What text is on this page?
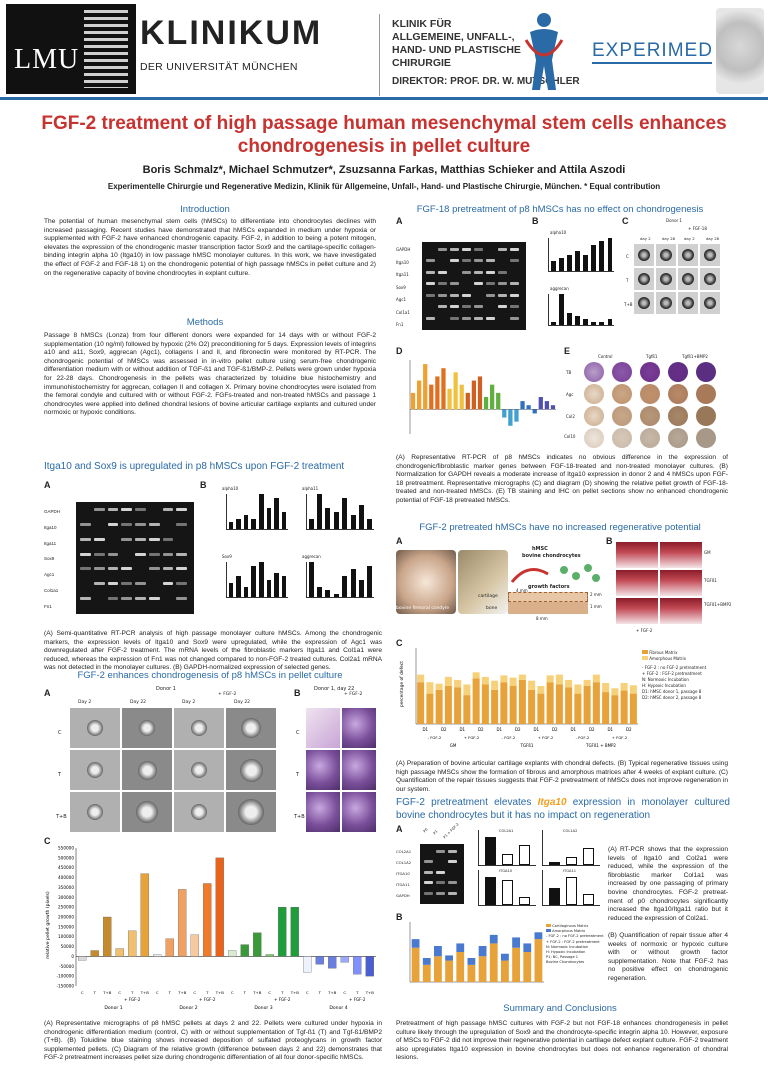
LMU
KLINIKUM
DER UNIVERSITÄT MÜNCHEN
KLINIK FÜR ALLGEMEINE, UNFALL-, HAND- UND PLASTISCHE CHIRURGIE
DIREKTOR: PROF. DR. W. MUTSCHLER
EXPERIMED
FGF-2 treatment of high passage human mesenchymal stem cells enhances chondrogenesis in pellet culture
Boris Schmalz*, Michael Schmutzer*, Zsuzsanna Farkas, Matthias Schieker and Attila Aszodi
Experimentelle Chirurgie und Regenerative Medizin, Klinik für Allgemeine, Unfall-, Hand- und Plastische Chirurgie, München. * Equal contribution
Introduction
The potential of human mesenchymal stem cells (hMSCs) to differentiate into chondrocytes declines with increased passaging. Recent studies have demonstrated that hMSCs expanded in medium under hypoxia or supplemented with FGF-2 have enhanced chondrogenic capacity. FGF-2, in addition to being a potent mitogen, elevates the expression of the chondrogenic master transcription factor Sox9 and the cartilage-specific collagen-binding integrin alpha 10 (Itga10) in low passage hMSC monolayer cultures. In this work, we have investigated the effect of FGF-2 and FGF-18 1) on the chondrogenic potential of high passage hMSCs in pellet culture and 2) on the regenerative capacity of bovine chondrocytes in explant culture.
Methods
Passage 8 hMSCs (Lonza) from four different donors were expanded for 14 days with or without FGF-2 supplementation (10 ng/ml) followed by hypoxic (2% O2) preconditioning for 5 days. Expression levels of integrins a10 and a11, Sox9, aggrecan (Agc1), collagens I and II, and fibronectin were monitored by RT-PCR. The chondrogenic potential of hMSCs was assessed in in-vitro pellet culture using serum-free chondrogenic differentiation medium with or without addition of TGF-ß1 and TGF-ß1/BMP-2. Pellets were grown under hypoxia for 22-28 days. Chondrogenesis in the pellets was characterized by toluidine blue histochemistry and immunohistochemistry for aggrecan, collagen II and collagen X. Primary bovine chondrocytes were isolated from the femoral condyle and cultured with or without FGF-2. FGFs-treated and non-treated hMSCs and passage 1 chondrocytes were applied into defined chondral lesions of bovine articular cartilage explants and cultured under normoxic or hypoxic conditions.
Itga10 and Sox9 is upregulated in p8 hMSCs upon FGF-2 treatment
A	B
GAPDH
Itga10
Itga11
Sox9
Agc1
Col1a1
Fn1
alpha10	alpha11
Sox9	aggrecan
(A) Semi-quantitative RT-PCR analysis of high passage monolayer culture hMSCs. Among the chondrogenic markers, the expression levels of Itga10 and Sox9 were upregulated, while the expression of Agc1 was downregulated after FGF-2 treatment. The mRNA levels of the fibroblastic markers Itga11 and Col1a1 were reduced, whereas the expression of Fn1 was not changed compared to non-FGF-2 treated cultures. Col2a1 mRNA was not detected in the monolayer cultures. (B) GAPDH-normalized expression of selected genes.
FGF-2 enhances chondrogenesis of p8 hMSCs in pellet culture
A	B
Donor 1	Donor 1, day 22
+ FGF-2	+ FGF-2
Day 2	Day 22	Day 2	Day 22
C
T
T+B
C
T
T+B
C
550000
500000
450000
400000
350000
300000
250000
200000
150000
100000
50000
0
-50000
-100000
-150000
relative pellet growth (pixels)
C	T T+B C	T T+B C	T T+B C	T T+B C	T T+B C	T T+B C	T T+B C	T T+B
Donor 1
+ FGF-2
Donor 2
+ FGF-2
Donor 3
+ FGF-2
Donor 4
+ FGF-2
(A) Representative micrographs of p8 hMSC pellets at days 2 and 22. Pellets were cultured under hypoxia in chondrogenic differentiation medium (control, C) with or without supplementation of Tgf-ß1 (T) and Tgf-ß1/BMP2 (T+B). (B) Toluidine blue staining shows increased deposition of sulfated proteoglycans in growth factor supplemented pellets. (C) Diagram of the relative growth (difference between days 2 and 22) demonstrates that FGF-2 pretreatment increases pellet size during chondrogenic differentiation of all four donor-specific hMSCs.
FGF-18 pretreatment of p8 hMSCs has no effect on chondrogenesis
A	B	C
GAPDH
Itga10
Itga11
Sox9
Agc1
Col1a1
Fn1
alpha10
aggrecan
Donor 1
+ FGF-18
day 2	day 28 day 2	day 28
C
T
T+B
D	E
Control	Tgfß1	Tgfß1+BMP2
TB
Agc
Col2
Col10
(A) Representative RT-PCR of p8 hMSCs indicates no obvious difference in the expression of chondrogenic/fibroblastic marker genes between FGF-18-treated and non-treated monolayer cultures. (B) Normalization for GAPDH reveals a moderate increase of Itga10 expression in donor 2 and 4 hMSCs upon FGF-18 pretreatment. Representative micrographs (C) and diagram (D) showing the relative pellet growth of FGF-18-treated and non-treated hMSCs. (E) TB staining and IHC on pellet sections show no enhanced chondrogenic potential of FGF-18 pretreated hMSCs.
FGF-2 pretreated hMSCs have no increased regenerative potential
A	B
bovine femoral condyle
hMSC
bovine chondrocytes
growth factors
cartilage
bone
2 mm
1 mm
8 mm
4 mm
GM
TGFß1
TGFß1+BMP2
+ FGF-2
C
percentage of defect
D1	D2	D1	D2	D1	D2	D1	D2	D1	D2	D1	D2
- FGF-2	+ FGF-2	- FGF-2	+ FGF-2	- FGF-2	+ FGF-2
GM	TGFß1	TGFß1 + BMP2
Fibrous Matrix
Amorphous Matrix
- FGF-2 : no FGF-2 pretreatment
+ FGF-2 : FGF-2 pretreatment
N: Normoxic Incubation
H: Hypoxic Incubation
D1: hMSC donor 1, passage 8
D2: hMSC donor 2, passage 8
(A) Preparation of bovine articular cartilage explants with chondral defects. (B) Typical regenerative tissues using high passage hMSCs show the formation of fibrous and amorphous matrices after 4 weeks of explant culture. (C) Quantification of the repair tissues suggests that FGF-2 pretreatment of hMSCs does not improve regeneration in our system.
FGF-2 pretreatment elevates Itga10 expression in monolayer cultured bovine chondrocytes but it has no impact on regeneration
A
COL2A1
COL1A2
ITGA10
ITGA11
GAPDH
P0 P1 P1 + FGF-2	COL2A1	COL1A2
ITGA10	ITGA11
B
Cartilaginous Matrix
Amorphous Matrix
- FGF-2 : no FGF-2 pretreatment
+ FGF-2 : FGF-2 pretreatment
N: Normoxic Incubation
H: Hypoxic Incubation
P1: BC, Passage 1
Bovine Chondrocytes
(A) RT-PCR shows that the expression levels of Itga10 and Col2a1 were reduced, while the expression of the fibroblastic marker Col1a1 was increased by one passaging of primary bovine chondrocytes. FGF-2 pretreat-ment of p0 chondrocytes significantly increased the Itga10/Itga11 ratio but it reduced the expression of Col2a1.
(B) Quantification of repair tissue after 4 weeks of normoxic or hypoxic culture with or without growth factor supplementation. Note that FGF-2 has no positive effect on chondrogenic regeneration.
Summary and Conclusions
Pretreatment of high passage hMSC cultures with FGF-2 but not FGF-18 enhances chondrogenesis in pellet culture likely through the upregulation of Sox9 and the chondrocyte-specific integrin alpha 10. However, exposure of MSCs to FGF-2 did not improve their regenerative potential in cartilage defect explant culture. FGF-2 treatment also upregulates Itga10 expression in bovine chondrocytes but does not enhance regeneration of chondral lesions.
